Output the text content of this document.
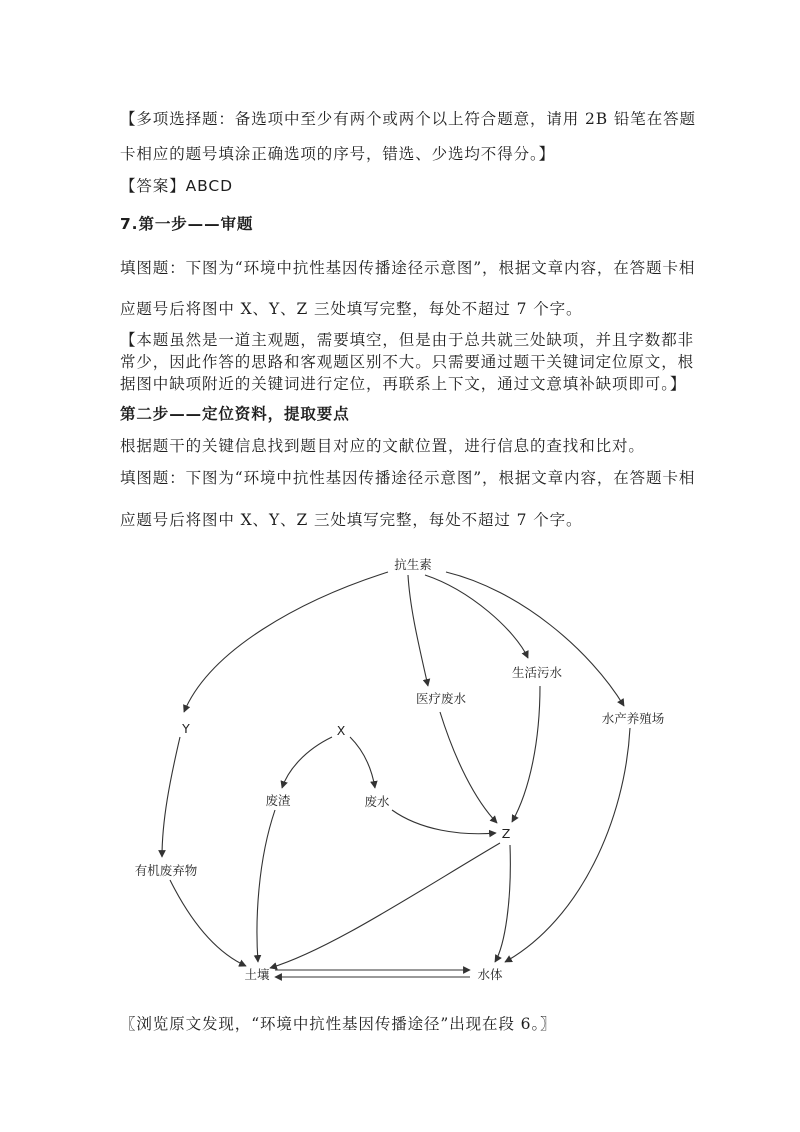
【多项选择题：备选项中至少有两个或两个以上符合题意，请用 2B 铅笔在答题

卡相应的题号填涂正确选项的序号，错选、少选均不得分。】

【答案】ABCD

7.第一步——审题

填图题：下图为“环境中抗性基因传播途径示意图”，根据文章内容，在答题卡相

应题号后将图中 X、Y、Z 三处填写完整，每处不超过 7 个字。

【本题虽然是一道主观题，需要填空，但是由于总共就三处缺项，并且字数都非

常少，因此作答的思路和客观题区别不大。只需要通过题干关键词定位原文，根

据图中缺项附近的关键词进行定位，再联系上下文，通过文意填补缺项即可。】

第二步——定位资料，提取要点

根据题干的关键信息找到题目对应的文献位置，进行信息的查找和比对。

填图题：下图为“环境中抗性基因传播途径示意图”，根据文章内容，在答题卡相

应题号后将图中 X、Y、Z 三处填写完整，每处不超过 7 个字。

抗生素
生活污水
医疗废水
水产养殖场
Y	X
废渣	废水
Z
有机废弃物
土壤	水体

〖浏览原文发现，“环境中抗性基因传播途径”出现在段 6。〗
